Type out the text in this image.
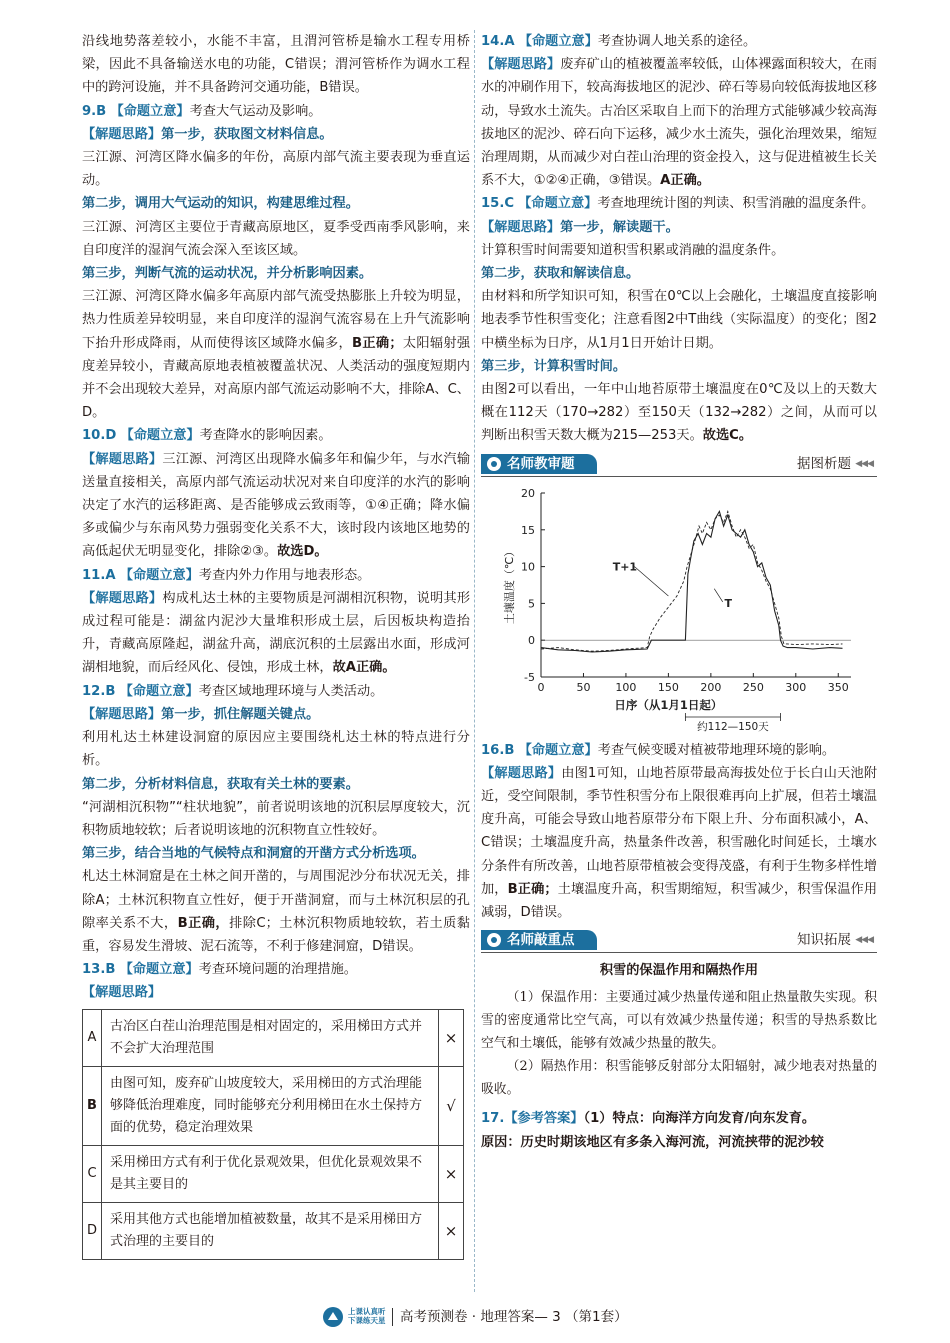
沿线地势落差较小，水能不丰富，且渭河管桥是输水工程专用桥梁，因此不具备输送水电的功能，C错误；渭河管桥作为调水工程中的跨河设施，并不具备跨河交通功能，B错误。

9.B 【命题立意】考查大气运动及影响。

【解题思路】第一步，获取图文材料信息。

三江源、河湾区降水偏多的年份，高原内部气流主要表现为垂直运动。

第二步，调用大气运动的知识，构建思维过程。

三江源、河湾区主要位于青藏高原地区，夏季受西南季风影响，来自印度洋的湿润气流会深入至该区域。

第三步，判断气流的运动状况，并分析影响因素。

三江源、河湾区降水偏多年高原内部气流受热膨胀上升较为明显，热力性质差异较明显，来自印度洋的湿润气流容易在上升气流影响下抬升形成降雨，从而使得该区域降水偏多，B正确；太阳辐射强度差异较小，青藏高原地表植被覆盖状况、人类活动的强度短期内并不会出现较大差异，对高原内部气流运动影响不大，排除A、C、D。

10.D 【命题立意】考查降水的影响因素。

【解题思路】三江源、河湾区出现降水偏多年和偏少年，与水汽输送量直接相关，高原内部气流运动状况对来自印度洋的水汽的影响决定了水汽的运移距离、是否能够成云致雨等，①④正确；降水偏多或偏少与东南风势力强弱变化关系不大，该时段内该地区地势的高低起伏无明显变化，排除②③。故选D。

11.A 【命题立意】考查内外力作用与地表形态。

【解题思路】构成札达土林的主要物质是河湖相沉积物，说明其形成过程可能是：湖盆内泥沙大量堆积形成土层，后因板块构造抬升，青藏高原隆起，湖盆升高，湖底沉积的土层露出水面，形成河湖相地貌，而后经风化、侵蚀，形成土林，故A正确。

12.B 【命题立意】考查区域地理环境与人类活动。

【解题思路】第一步，抓住解题关键点。

利用札达土林建设洞窟的原因应主要围绕札达土林的特点进行分析。

第二步，分析材料信息，获取有关土林的要素。

“河湖相沉积物”“柱状地貌”，前者说明该地的沉积层厚度较大，沉积物质地较软；后者说明该地的沉积物直立性较好。

第三步，结合当地的气候特点和洞窟的开凿方式分析选项。

札达土林洞窟是在土林之间开凿的，与周围泥沙分布状况无关，排除A；土林沉积物直立性好，便于开凿洞窟，而与土林沉积层的孔隙率关系不大，B正确，排除C；土林沉积物质地较软，若土质黏重，容易发生滑坡、泥石流等，不利于修建洞窟，D错误。

13.B 【命题立意】考查环境问题的治理措施。

【解题思路】

A	古冶区白茬山治理范围是相对固定的，采用梯田方式并不会扩大治理范围	×
B	由图可知，废弃矿山坡度较大，采用梯田的方式治理能够降低治理难度，同时能够充分利用梯田在水土保持方面的优势，稳定治理效果	√
C	采用梯田方式有利于优化景观效果，但优化景观效果不是其主要目的	×
D	采用其他方式也能增加植被数量，故其不是采用梯田方式治理的主要目的	×

14.A 【命题立意】考查协调人地关系的途径。

【解题思路】废弃矿山的植被覆盖率较低，山体裸露面积较大，在雨水的冲刷作用下，较高海拔地区的泥沙、碎石等易向较低海拔地区移动，导致水土流失。古冶区采取自上而下的治理方式能够减少较高海拔地区的泥沙、碎石向下运移，减少水土流失，强化治理效果，缩短治理周期，从而减少对白茬山治理的资金投入，这与促进植被生长关系不大，①②④正确，③错误。A正确。

15.C 【命题立意】考查地理统计图的判读、积雪消融的温度条件。

【解题思路】第一步，解读题干。

计算积雪时间需要知道积雪积累或消融的温度条件。

第二步，获取和解读信息。

由材料和所学知识可知，积雪在0℃以上会融化，土壤温度直接影响地表季节性积雪变化；注意看图2中T曲线（实际温度）的变化；图2中横坐标为日序，从1月1日开始计日期。

第三步，计算积雪时间。

由图2可以看出，一年中山地苔原带土壤温度在0℃及以上的天数大概在112天（170→282）至150天（132→282）之间，从而可以判断出积雪天数大概为215—253天。故选C。

名师教审题	据图析题 ◀◀◀
-5
0
5
10
15
20
0	50 100 150 200 250 300 350
土壤温度（℃）
日序（从1月1日起）
T+1
T
约112—150天

16.B 【命题立意】考查气候变暖对植被带地理环境的影响。

【解题思路】由图1可知，山地苔原带最高海拔处位于长白山天池附近，受空间限制，季节性积雪分布上限很难再向上扩展，但若土壤温度升高，可能会导致山地苔原带分布下限上升、分布面积减小，A、C错误；土壤温度升高，热量条件改善，积雪融化时间延长，土壤水分条件有所改善，山地苔原带植被会变得茂盛，有利于生物多样性增加，B正确；土壤温度升高，积雪期缩短，积雪减少，积雪保温作用减弱，D错误。

名师敲重点	知识拓展 ◀◀◀

积雪的保温作用和隔热作用

（1）保温作用：主要通过减少热量传递和阻止热量散失实现。积雪的密度通常比空气高，可以有效减少热量传递；积雪的导热系数比空气和土壤低，能够有效减少热量的散失。

（2）隔热作用：积雪能够反射部分太阳辐射，减少地表对热量的吸收。

17.【参考答案】（1）特点：向海洋方向发育/向东发育。

原因：历史时期该地区有多条入海河流，河流挟带的泥沙较

上课认真听
下课练天星 高考预测卷 · 地理答案— 3 （第1套）
